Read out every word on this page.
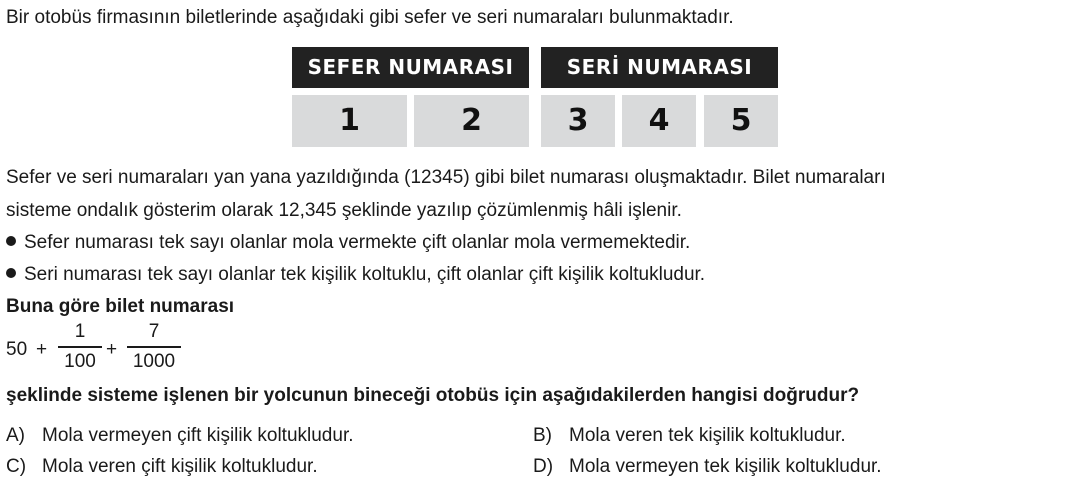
Bir otobüs firmasının biletlerinde aşağıdaki gibi sefer ve seri numaraları bulunmaktadır.
SEFER NUMARASI	SERİ NUMARASI
1	2	3	4	5
Sefer ve seri numaraları yan yana yazıldığında (12345) gibi bilet numarası oluşmaktadır. Bilet numaraları
sisteme ondalık gösterim olarak 12,345 şeklinde yazılıp çözümlenmiş hâli işlenir.
Sefer numarası tek sayı olanlar mola vermekte çift olanlar mola vermemektedir.
Seri numarası tek sayı olanlar tek kişilik koltuklu, çift olanlar çift kişilik koltukludur.
Buna göre bilet numarası
50 +
1
100
+
7
1000
şeklinde sisteme işlenen bir yolcunun bineceği otobüs için aşağıdakilerden hangisi doğrudur?
A) Mola vermeyen çift kişilik koltukludur.	B) Mola veren tek kişilik koltukludur.
C) Mola veren çift kişilik koltukludur.	D) Mola vermeyen tek kişilik koltukludur.
